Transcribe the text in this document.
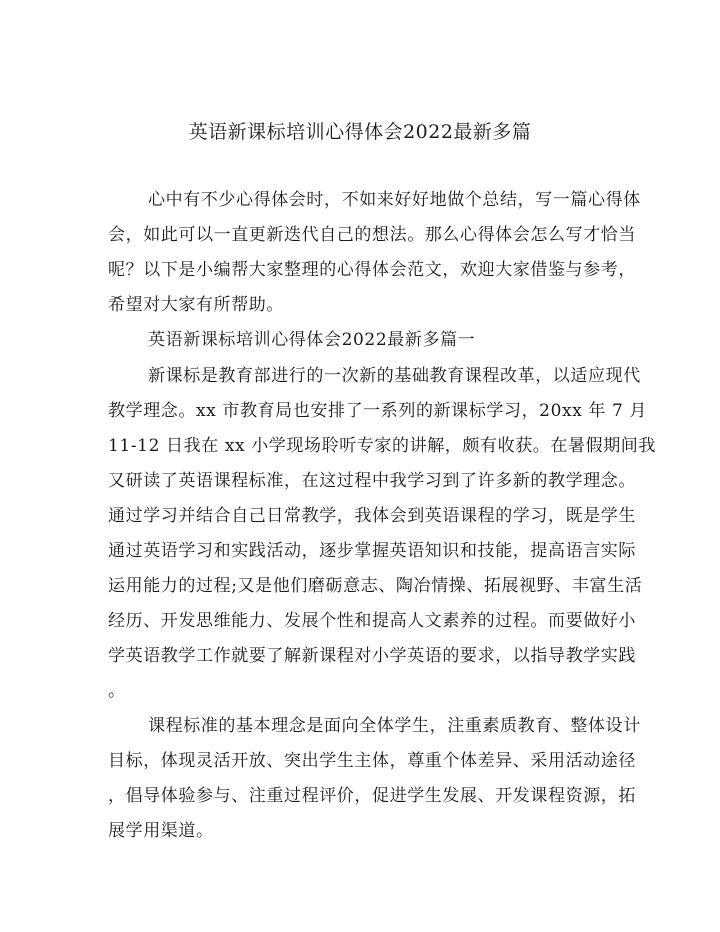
英语新课标培训心得体会2022最新多篇
心中有不少心得体会时，不如来好好地做个总结，写一篇心得体
会，如此可以一直更新迭代自己的想法。那么心得体会怎么写才恰当
呢？以下是小编帮大家整理的心得体会范文，欢迎大家借鉴与参考，
希望对大家有所帮助。
英语新课标培训心得体会2022最新多篇一
新课标是教育部进行的一次新的基础教育课程改革，以适应现代
教学理念。xx 市教育局也安排了一系列的新课标学习，20xx 年 7 月
11-12 日我在 xx 小学现场聆听专家的讲解，颇有收获。在暑假期间我
又研读了英语课程标准，在这过程中我学习到了许多新的教学理念。
通过学习并结合自己日常教学，我体会到英语课程的学习，既是学生
通过英语学习和实践活动，逐步掌握英语知识和技能，提高语言实际
运用能力的过程;又是他们磨砺意志、陶冶情操、拓展视野、丰富生活
经历、开发思维能力、发展个性和提高人文素养的过程。而要做好小
学英语教学工作就要了解新课程对小学英语的要求，以指导教学实践
。
课程标准的基本理念是面向全体学生，注重素质教育、整体设计
目标，体现灵活开放、突出学生主体，尊重个体差异、采用活动途径
，倡导体验参与、注重过程评价，促进学生发展、开发课程资源，拓
展学用渠道。
